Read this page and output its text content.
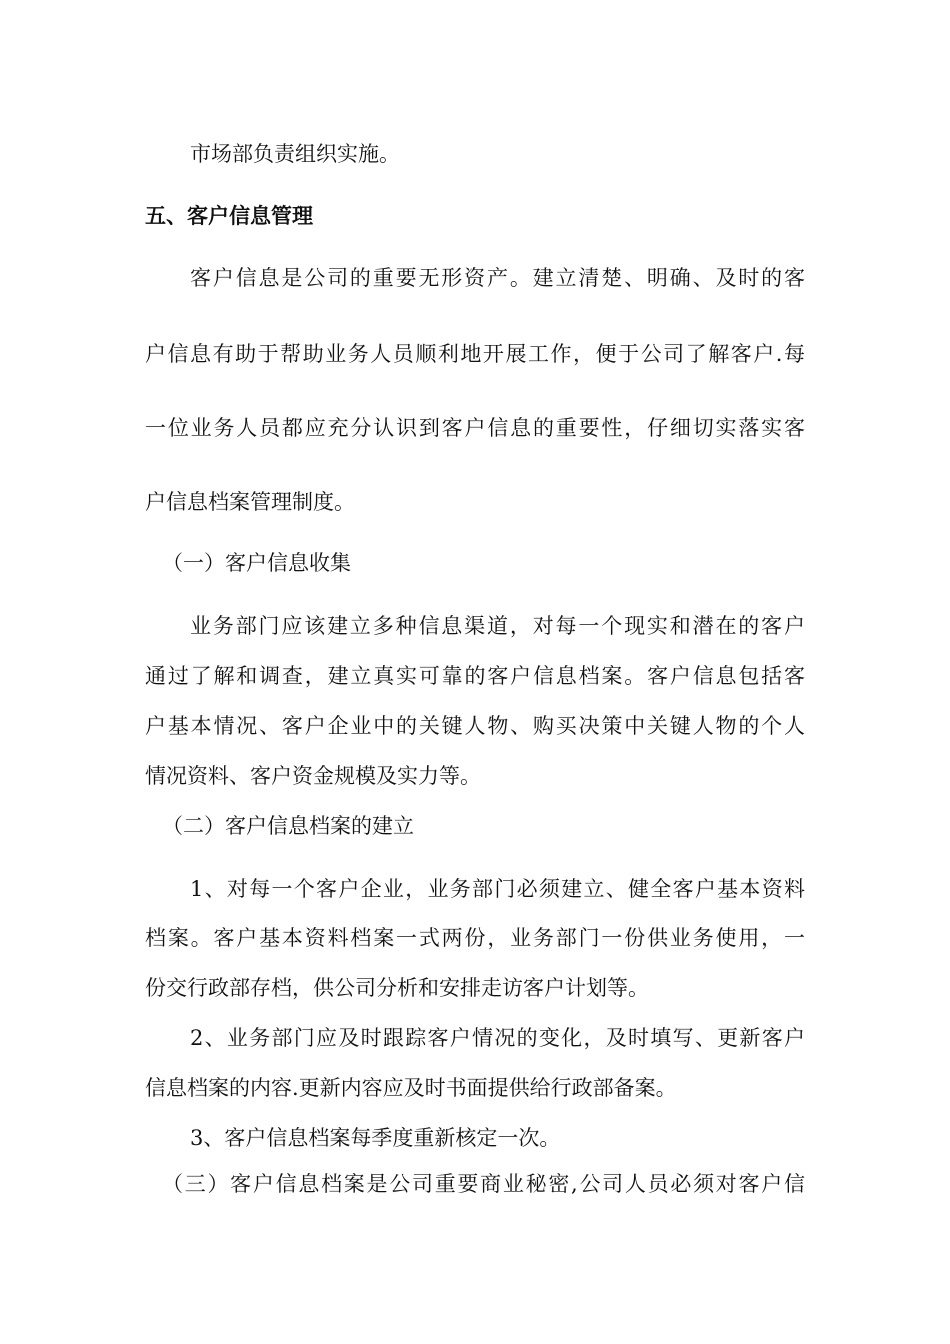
市场部负责组织实施。
五、客户信息管理
客户信息是公司的重要无形资产。建立清楚、明确、及时的客
户信息有助于帮助业务人员顺利地开展工作，便于公司了解客户.每
一位业务人员都应充分认识到客户信息的重要性，仔细切实落实客
户信息档案管理制度。
（一）客户信息收集
业务部门应该建立多种信息渠道，对每一个现实和潜在的客户
通过了解和调查，建立真实可靠的客户信息档案。客户信息包括客
户基本情况、客户企业中的关键人物、购买决策中关键人物的个人
情况资料、客户资金规模及实力等。
（二）客户信息档案的建立
1、对每一个客户企业，业务部门必须建立、健全客户基本资料
档案。客户基本资料档案一式两份，业务部门一份供业务使用，一
份交行政部存档，供公司分析和安排走访客户计划等。
2、业务部门应及时跟踪客户情况的变化，及时填写、更新客户
信息档案的内容.更新内容应及时书面提供给行政部备案。
3、客户信息档案每季度重新核定一次。
（三）客户信息档案是公司重要商业秘密,公司人员必须对客户信
